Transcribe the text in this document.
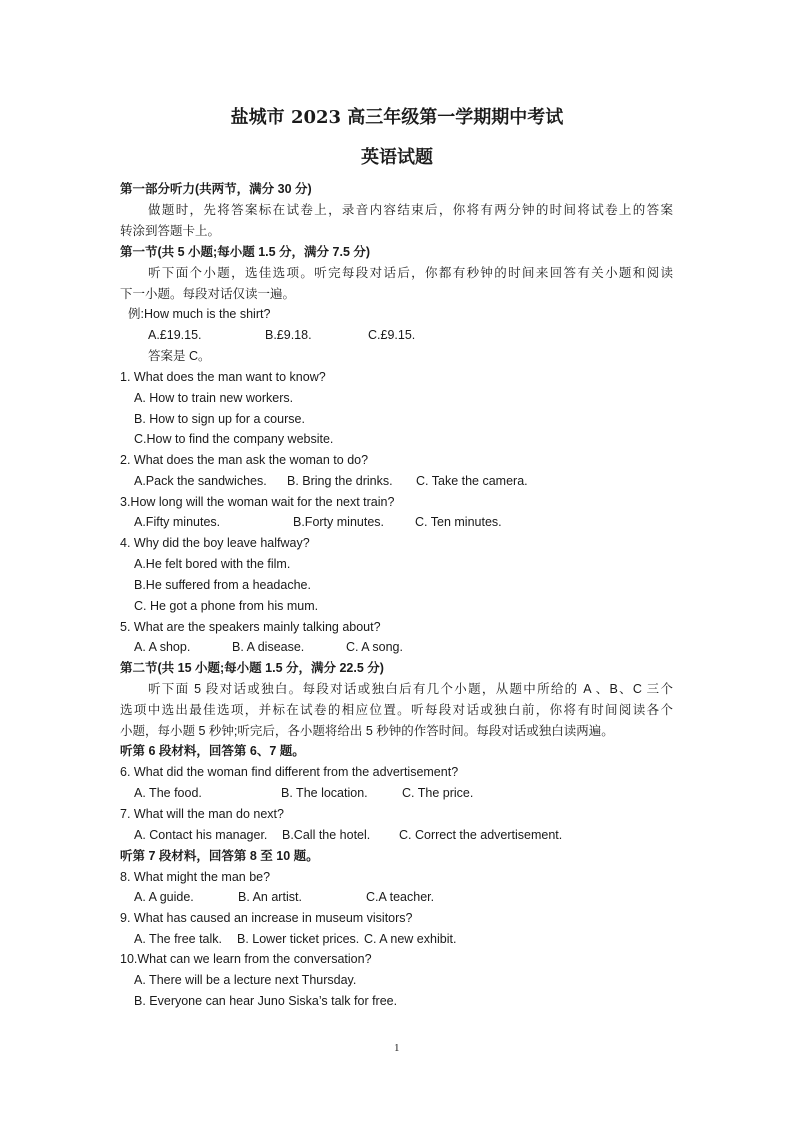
盐城市 2023 高三年级第一学期期中考试
英语试题
第一部分听力(共两节，满分 30 分)
做题时，先将答案标在试卷上，录音内容结束后，你将有两分钟的时间将试卷上的答案
转涂到答题卡上。
第一节(共 5 小题;每小题 1.5 分，满分 7.5 分)
听下面个小题，选佳选项。听完每段对话后，你都有秒钟的时间来回答有关小题和阅读
下一小题。每段对话仅读一遍。
例:How much is the shirt?
A.£19.15.	B.£9.18.	C.£9.15.
答案是 C。
1. What does the man want to know?
A. How to train new workers.
B. How to sign up for a course.
C.How to find the company website.
2. What does the man ask the woman to do?
A.Pack the sandwiches. B. Bring the drinks. C. Take the camera.
3.How long will the woman wait for the next train?
A.Fifty minutes.	B.Forty minutes. C. Ten minutes.
4. Why did the boy leave halfway?
A.He felt bored with the film.
B.He suffered from a headache.
C. He got a phone from his mum.
5. What are the speakers mainly talking about?
A. A shop.	B. A disease.	C. A song.
第二节(共 15 小题;每小题 1.5 分，满分 22.5 分)
听下面 5 段对话或独白。每段对话或独白后有几个小题，从题中所给的 A 、B、C 三个
选项中选出最佳选项，并标在试卷的相应位置。听每段对话或独白前，你将有时间阅读各个
小题，每小题 5 秒钟;听完后，各小题将给出 5 秒钟的作答时间。每段对话或独白读两遍。
听第 6 段材料，回答第 6、7 题。
6. What did the woman find different from the advertisement?
A. The food.	B. The location.	C. The price.
7. What will the man do next?
A. Contact his manager. B.Call the hotel. C. Correct the advertisement.
听第 7 段材料，回答第 8 至 10 题。
8. What might the man be?
A. A guide.	B. An artist.	C.A teacher.
9. What has caused an increase in museum visitors?
A. The free talk. B. Lower ticket prices. C. A new exhibit.
10.What can we learn from the conversation?
A. There will be a lecture next Thursday.
B. Everyone can hear Juno Siska’s talk for free.
1
